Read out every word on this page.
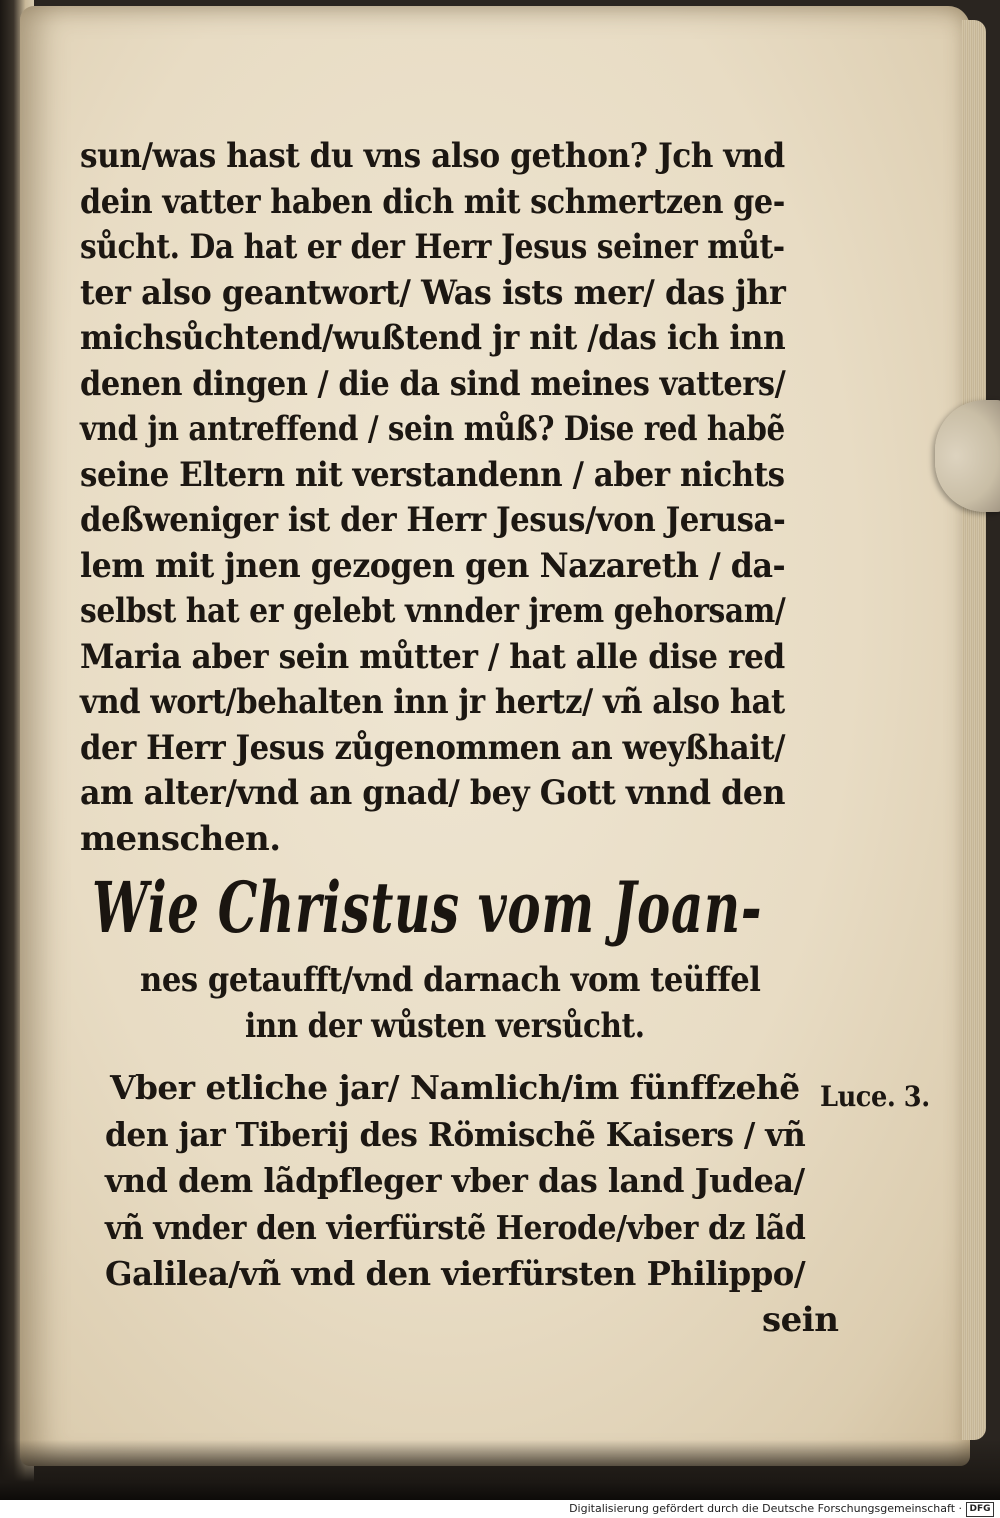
sun/was hast du vns also gethon? Jch vnd
dein vatter haben dich mit schmertzen ge-
sůcht. Da hat er der Herr Jesus seiner můt-
ter also geantwort/ Was ists mer/ das jhr
michsůchtend/wußtend jr nit /das ich inn
denen dingen / die da sind meines vatters/
vnd jn antreffend / sein můß? Dise red habẽ
seine Eltern nit verstandenn / aber nichts
deßweniger ist der Herr Jesus/von Jerusa-
lem mit jnen gezogen gen Nazareth / da-
selbst hat er gelebt vnnder jrem gehorsam/
Maria aber sein můtter / hat alle dise red
vnd wort/behalten inn jr hertz/ vñ also hat
der Herr Jesus zůgenommen an weyßhait/
am alter/vnd an gnad/ bey Gott vnnd den
menschen.
Wie Christus vom Joan-
nes getaufft/vnd darnach vom teüffel
inn der wůsten versůcht.
Vber etliche jar/ Namlich/im fünffzehẽ
den jar Tiberij des Römischẽ Kaisers / vñ
vnd dem lãdpfleger vber das land Judea/
vñ vnder den vierfürstẽ Herode/vber dz lãd
Galilea/vñ vnd den vierfürsten Philippo/
Luce. 3.
sein
Digitalisierung gefördert durch die Deutsche Forschungsgemeinschaft · DFG
